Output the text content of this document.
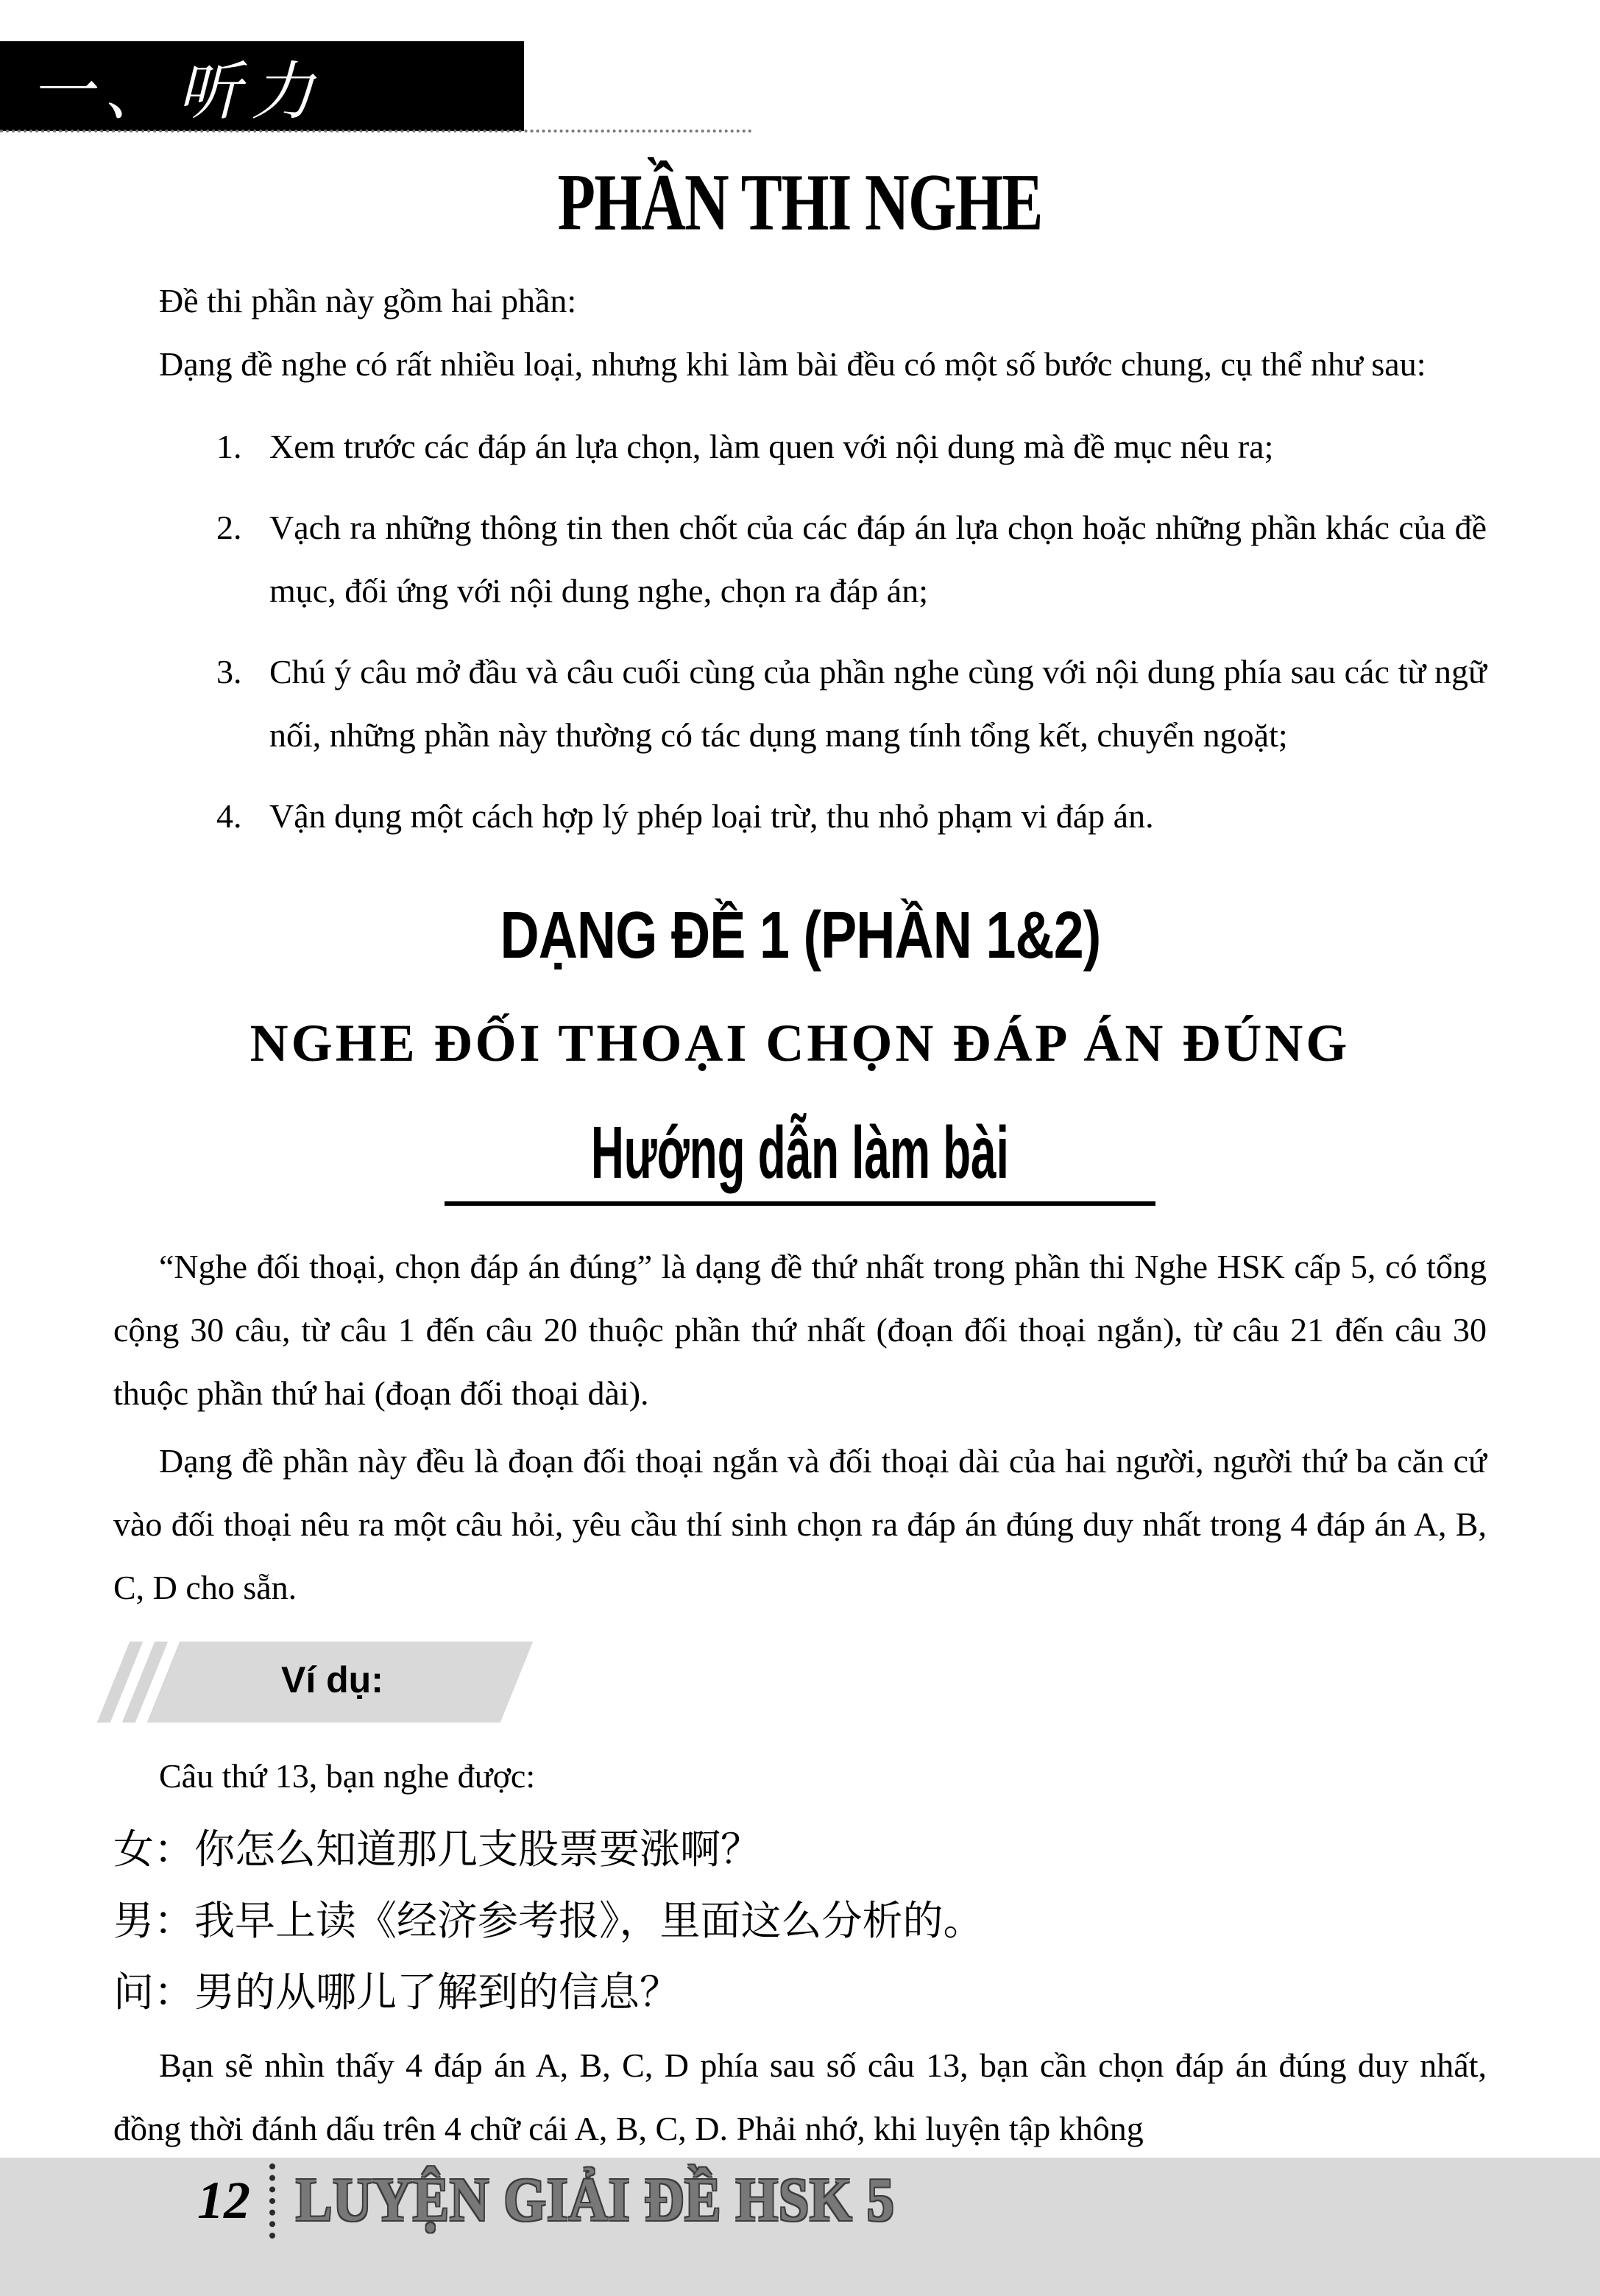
一、听力
PHẦN THI NGHE

Đề thi phần này gồm hai phần:

Dạng đề nghe có rất nhiều loại, nhưng khi làm bài đều có một số bước chung, cụ thể như sau:

1. Xem trước các đáp án lựa chọn, làm quen với nội dung mà đề mục nêu ra;
2. Vạch ra những thông tin then chốt của các đáp án lựa chọn hoặc những phần khác của đề mục, đối ứng với nội dung nghe, chọn ra đáp án;
3. Chú ý câu mở đầu và câu cuối cùng của phần nghe cùng với nội dung phía sau các từ ngữ nối, những phần này thường có tác dụng mang tính tổng kết, chuyển ngoặt;
4. Vận dụng một cách hợp lý phép loại trừ, thu nhỏ phạm vi đáp án.
DẠNG ĐỀ 1 (PHẦN 1&2)
NGHE ĐỐI THOẠI CHỌN ĐÁP ÁN ĐÚNG
Hướng dẫn làm bài

“Nghe đối thoại, chọn đáp án đúng” là dạng đề thứ nhất trong phần thi Nghe HSK cấp 5, có tổng cộng 30 câu, từ câu 1 đến câu 20 thuộc phần thứ nhất (đoạn đối thoại ngắn), từ câu 21 đến câu 30 thuộc phần thứ hai (đoạn đối thoại dài).

Dạng đề phần này đều là đoạn đối thoại ngắn và đối thoại dài của hai người, người thứ ba căn cứ vào đối thoại nêu ra một câu hỏi, yêu cầu thí sinh chọn ra đáp án đúng duy nhất trong 4 đáp án A, B, C, D cho sẵn.

Ví dụ:

Câu thứ 13, bạn nghe được:

女：你怎么知道那几支股票要涨啊？
男：我早上读《经济参考报》，里面这么分析的。
问：男的从哪儿了解到的信息？

Bạn sẽ nhìn thấy 4 đáp án A, B, C, D phía sau số câu 13, bạn cần chọn đáp án đúng duy nhất, đồng thời đánh dấu trên 4 chữ cái A, B, C, D. Phải nhớ, khi luyện tập không

12 LUYỆN GIẢI ĐỀ HSK 5
